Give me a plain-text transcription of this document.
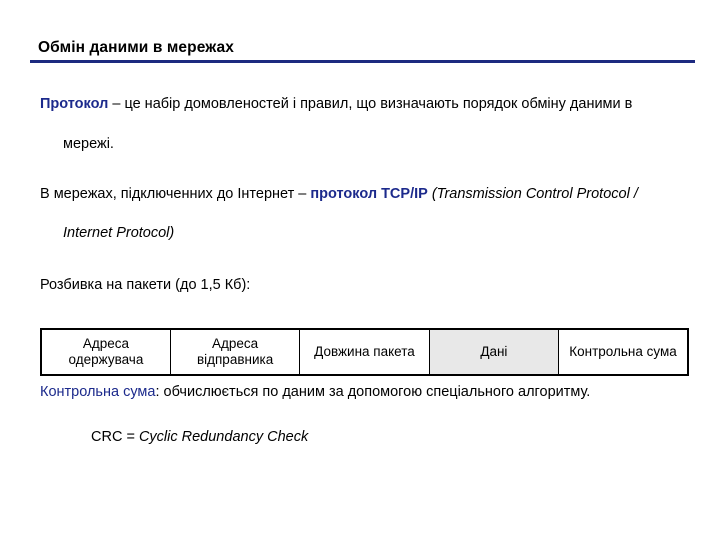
Обмін даними в мережах
Протокол – це набір домовленостей і правил, що визначають порядок обміну даними в
мережі.
В мережах, підключенних до Інтернет – протокол TCP/IP (Transmission Control Protocol /
Internet Protocol)
Розбивка на пакети (до 1,5 Кб):
Адреса одержувача	Адреса відправника	Довжина пакета	Дані	Контрольна сума
Контрольна сума: обчислюється по даним за допомогою спеціального алгоритму.
CRC = Cyclic Redundancy Check
